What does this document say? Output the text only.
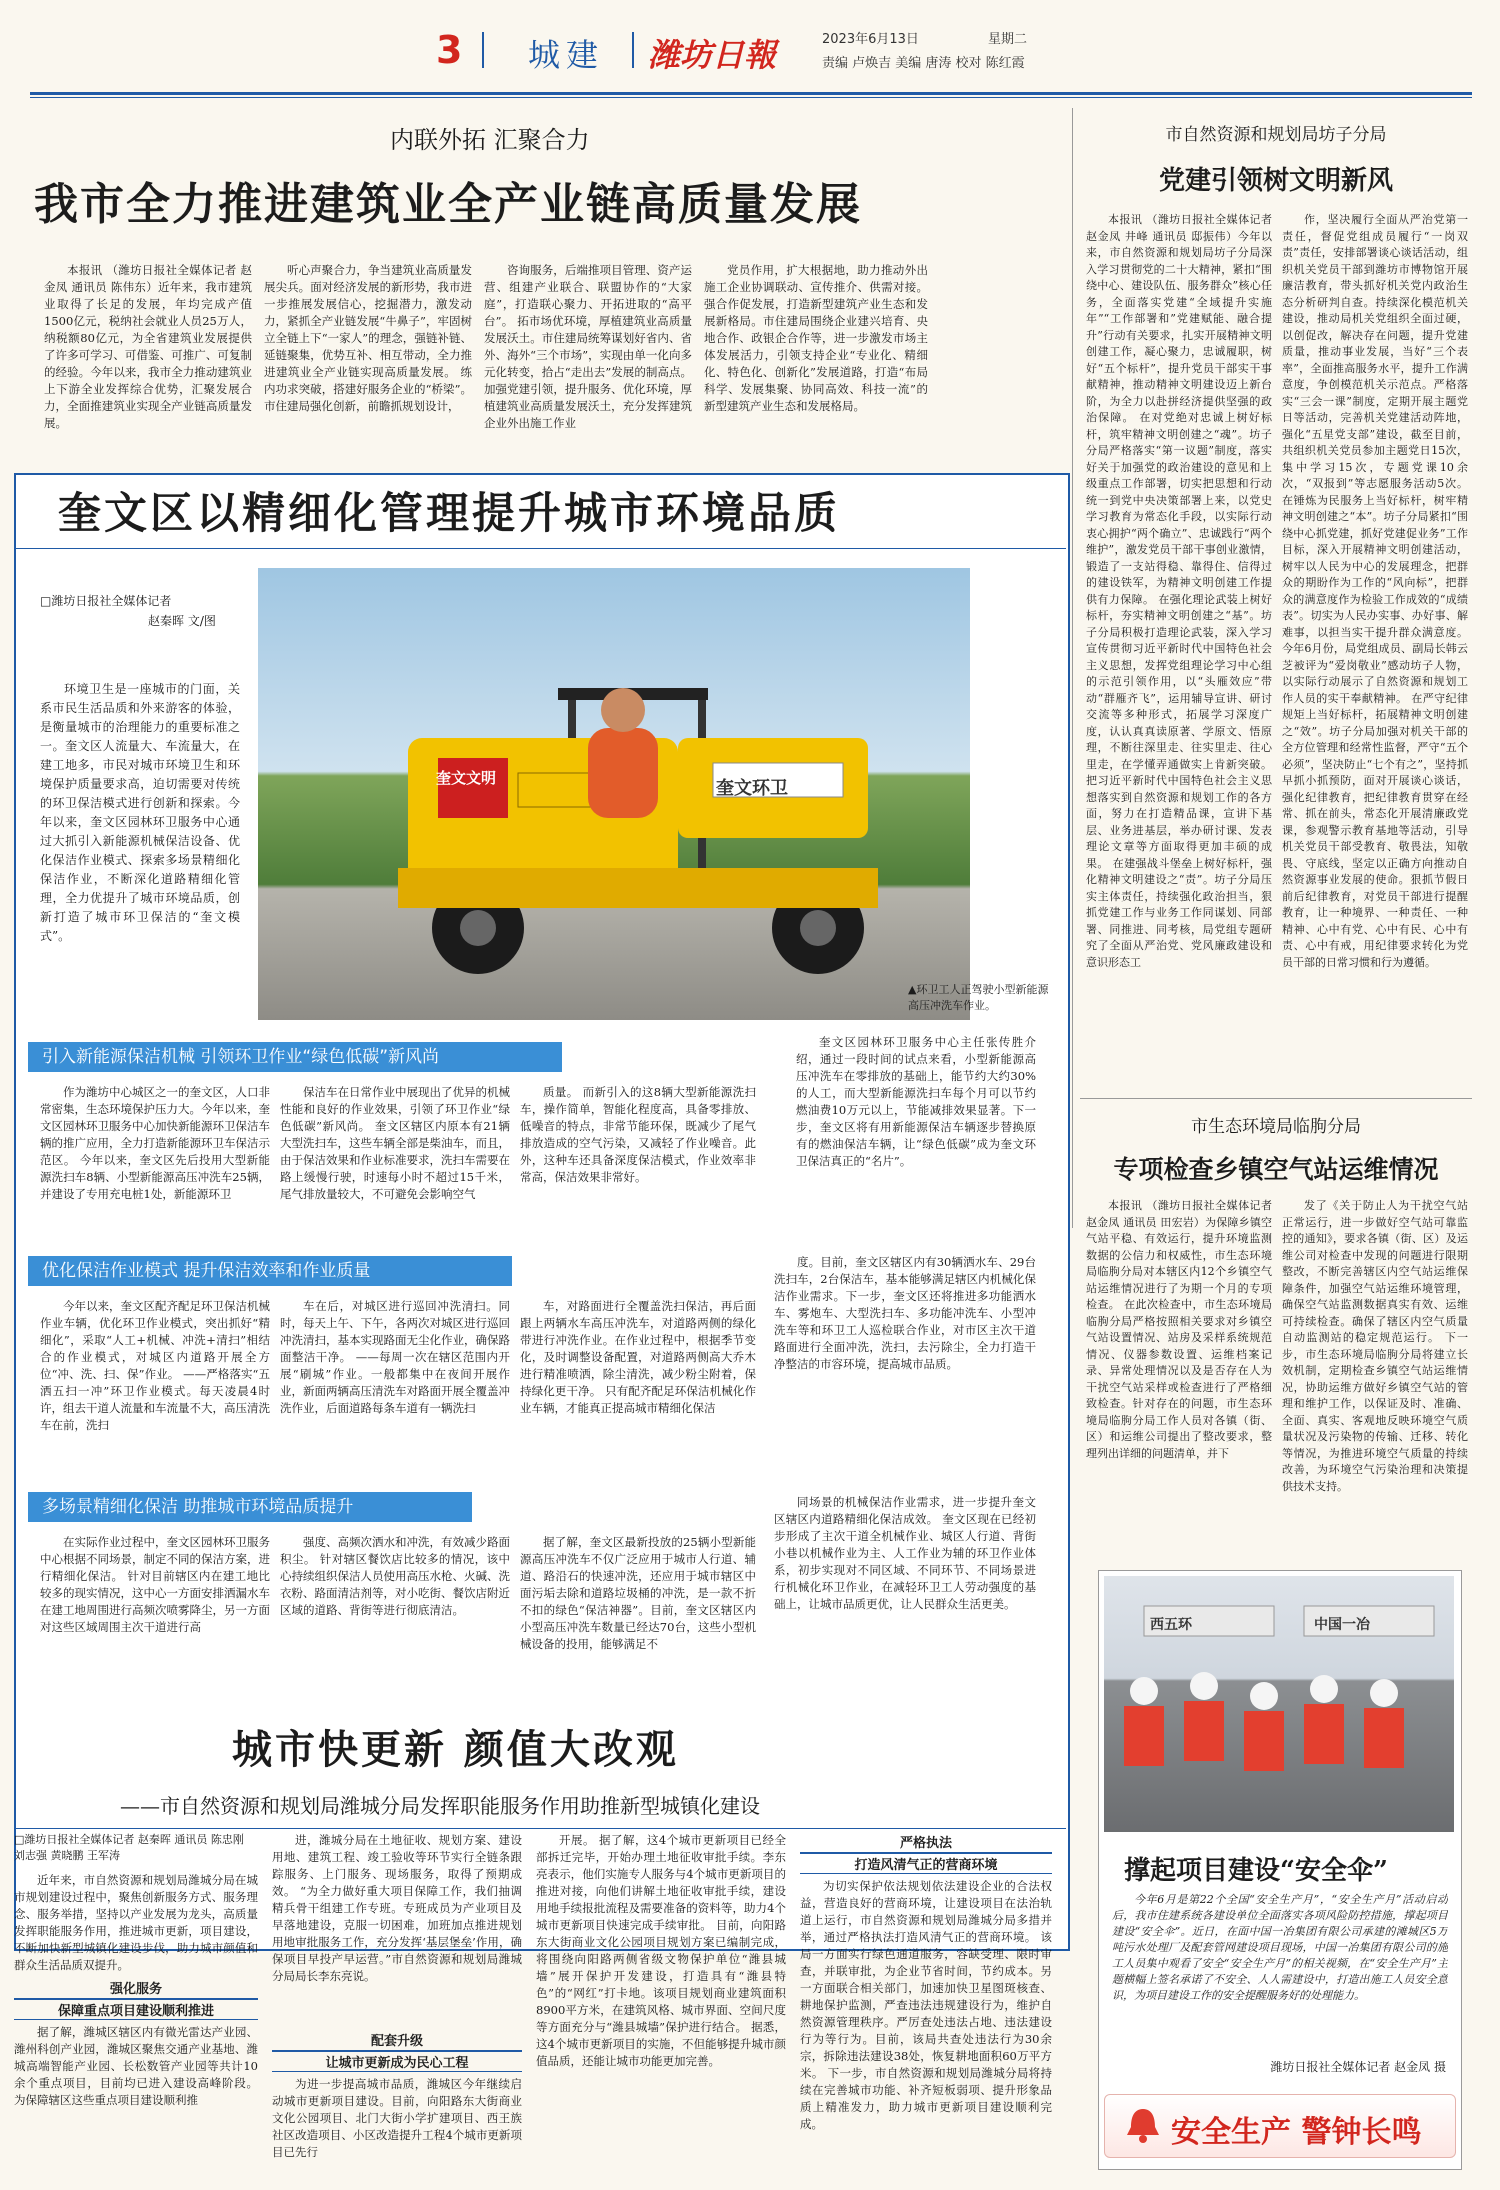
3 城建 潍坊日報	2023年6月13日	星期二
责编 卢焕吉 美编 唐涛 校对 陈红霞
内联外拓 汇聚合力
我市全力推进建筑业全产业链高质量发展

本报讯 （潍坊日报社全媒体记者 赵金凤 通讯员 陈伟东）近年来，我市建筑业取得了长足的发展，年均完成产值1500亿元，税纳社会就业人员25万人，纳税额80亿元，为全省建筑业发展提供了许多可学习、可借鉴、可推广、可复制的经验。今年以来，我市全力推动建筑业上下游全业发挥综合优势，汇聚发展合力，全面推建筑业实现全产业链高质量发展。

听心声聚合力，争当建筑业高质量发展尖兵。面对经济发展的新形势，我市进一步推展发展信心，挖掘潜力，激发动力，紧抓全产业链发展“牛鼻子”，牢固树立全链上下“一家人”的理念，强链补链、延链聚集，优势互补、相互带动，全力推进建筑业全产业链实现高质量发展。 练内功求突破，搭建好服务企业的“桥梁”。市住建局强化创新，前瞻抓规划设计，

咨询服务，后端推项目管理、资产运营、组建产业联合、联盟协作的“大家庭”，打造联心聚力、开拓进取的“高平台”。 拓市场优环境，厚植建筑业高质量发展沃土。市住建局统筹谋划好省内、省外、海外“三个市场”，实现由单一化向多元化转变，拾占“走出去”发展的制高点。加强党建引领，提升服务、优化环境，厚植建筑业高质量发展沃土，充分发挥建筑企业外出施工作业

党员作用，扩大根据地，助力推动外出施工企业协调联动、宣传推介、供需对接。 强合作促发展，打造新型建筑产业生态和发展新格局。市住建局围绕企业建兴培育、央地合作、政银企合作等，进一步激发市场主体发展活力，引领支持企业“专业化、精细化、特色化、创新化”发展道路，打造“布局科学、发展集聚、协同高效、科技一流”的新型建筑产业生态和发展格局。

奎文区以精细化管理提升城市环境品质
□潍坊日报社全媒体记者
赵秦晖 文/图

环境卫生是一座城市的门面，关系市民生活品质和外来游客的体验，是衡量城市的治理能力的重要标准之一。奎文区人流量大、车流量大，在建工地多，市民对城市环境卫生和环境保护质量要求高，迫切需要对传统的环卫保洁模式进行创新和探索。今年以来，奎文区园林环卫服务中心通过大抓引入新能源机械保洁设备、优化保洁作业模式、探索多场景精细化保洁作业，不断深化道路精细化管理，全力优提升了城市环境品质，创新打造了城市环卫保洁的“奎文模式”。

奎文文明	奎文环卫
▲环卫工人正驾驶小型新能源高压冲洗车作业。
引入新能源保洁机械 引领环卫作业“绿色低碳”新风尚

作为潍坊中心城区之一的奎文区，人口非常密集，生态环境保护压力大。今年以来，奎文区园林环卫服务中心加快新能源环卫保洁车辆的推广应用，全力打造新能源环卫车保洁示范区。 今年以来，奎文区先后投用大型新能源洗扫车8辆、小型新能源高压冲洗车25辆，并建设了专用充电桩1处，新能源环卫

保洁车在日常作业中展现出了优异的机械性能和良好的作业效果，引领了环卫作业“绿色低碳”新风尚。 奎文区辖区内原本有21辆大型洗扫车，这些车辆全部是柴油车，而且，由于保洁效果和作业标准要求，洗扫车需要在路上缓慢行驶，时速每小时不超过15千米，尾气排放量较大，不可避免会影响空气

质量。 而新引入的这8辆大型新能源洗扫车，操作简单，智能化程度高，具备零排放、低噪音的特点，非常节能环保，既减少了尾气排放造成的空气污染，又减轻了作业噪音。此外，这种车还具备深度保洁模式，作业效率非常高，保洁效果非常好。

奎文区园林环卫服务中心主任张传胜介绍，通过一段时间的试点来看，小型新能源高压冲洗车在零排放的基础上，能节约大约30%的人工，而大型新能源洗扫车每个月可以节约燃油费10万元以上，节能减排效果显著。下一步，奎文区将有用新能源保洁车辆逐步替换原有的燃油保洁车辆，让“绿色低碳”成为奎文环卫保洁真正的“名片”。

优化保洁作业模式 提升保洁效率和作业质量

今年以来，奎文区配齐配足环卫保洁机械作业车辆，优化环卫作业模式，突出抓好“精细化”，采取“人工+机械、冲洗+清扫”相结合的作业模式，对城区内道路开展全方位“冲、洗、扫、保”作业。 ——严格落实“五洒五扫一冲”环卫作业模式。每天凌晨4时许，组去干道人流量和车流量不大，高压清洗车在前，洗扫

车在后，对城区进行巡回冲洗清扫。同时，每天上午、下午，各两次对城区进行巡回冲洗清扫，基本实现路面无尘化作业，确保路面整洁干净。 ——每周一次在辖区范围内开展“刷城”作业。一般都集中在夜间开展作业，新面两辆高压清洗车对路面开展全覆盖冲洗作业，后面道路每条车道有一辆洗扫

车，对路面进行全覆盖洗扫保洁，再后面跟上两辆水车高压冲洗车，对道路两侧的绿化带进行冲洗作业。在作业过程中，根据季节变化，及时调整设备配置，对道路两侧高大乔木进行精准喷洒，除尘清洗，减少粉尘附着，保持绿化更干净。 只有配齐配足环保洁机械化作业车辆，才能真正提高城市精细化保洁

度。目前，奎文区辖区内有30辆洒水车、29台洗扫车，2台保洁车，基本能够满足辖区内机械化保洁作业需求。下一步，奎文区还将推进多功能洒水车、雾炮车、大型洗扫车、多功能冲洗车、小型冲洗车等和环卫工人巡检联合作业，对市区主次干道路面进行全面冲洗，洗扫，去污除尘，全力打造干净整洁的市容环境，提高城市品质。

多场景精细化保洁 助推城市环境品质提升

在实际作业过程中，奎文区园林环卫服务中心根据不同场景，制定不同的保洁方案，进行精细化保洁。 针对目前辖区内在建工地比较多的现实情况，这中心一方面安排洒漏水车在建工地周围进行高频次喷雾降尘，另一方面对这些区域周围主次干道进行高

强度、高频次洒水和冲洗，有效减少路面积尘。 针对辖区餐饮店比较多的情况，该中心持续组织保洁人员使用高压水枪、火碱、洗衣粉、路面清洁剂等，对小吃街、餐饮店附近区域的道路、背街等进行彻底清洁。

据了解，奎文区最新投放的25辆小型新能源高压冲洗车不仅广泛应用于城市人行道、辅道、路沿石的快速冲洗，还应用于城市辖区中面污垢去除和道路垃圾桶的冲洗，是一款不折不扣的绿色“保洁神器”。目前，奎文区辖区内小型高压冲洗车数量已经达70台，这些小型机械设备的投用，能够满足不

同场景的机械保洁作业需求，进一步提升奎文区辖区内道路精细化保洁成效。 奎文区现在已经初步形成了主次干道全机械作业、城区人行道、背街小巷以机械作业为主、人工作业为辅的环卫作业体系，初步实现对不同区域、不同环节、不同场景进行机械化环卫作业，在减轻环卫工人劳动强度的基础上，让城市品质更优，让人民群众生活更美。

城市快更新 颜值大改观
——市自然资源和规划局潍城分局发挥职能服务作用助推新型城镇化建设
□潍坊日报社全媒体记者 赵秦晖 通讯员 陈忠刚 刘志强 黄晓鹏 王军涛

近年来，市自然资源和规划局潍城分局在城市规划建设过程中，聚焦创新服务方式、服务理念、服务举措，坚持以产业发展为龙头，高质量发挥职能服务作用，推进城市更新，项目建设，不断加快新型城镇化建设步伐，助力城市颜值和群众生活品质双提升。

强化服务
保障重点项目建设顺利推进

据了解，潍城区辖区内有微光雷达产业园、潍州科创产业园，潍城区聚焦交通产业基地、潍城高端智能产业园、长松数管产业园等共计10余个重点项目，目前均已进入建设高峰阶段。 为保障辖区这些重点项目建设顺利推

进，潍城分局在土地征收、规划方案、建设用地、建筑工程、竣工验收等环节实行全链条跟踪服务、上门服务、现场服务，取得了预期成效。 “为全力做好重大项目保障工作，我们抽调精兵骨干组建工作专班。专班成员为产业项目及早落地建设，克服一切困难，加班加点推进规划用地审批服务工作，充分发挥‘基层堡垒’作用，确保项目早投产早运营。”市自然资源和规划局潍城分局局长李东亮说。

配套升级
让城市更新成为民心工程

为进一步提高城市品质，潍城区今年继续启动城市更新项目建设。目前，向阳路东大街商业文化公园项目、北门大街小学扩建项目、西王族社区改造项目、小区改造提升工程4个城市更新项目已先行

开展。 据了解，这4个城市更新项目已经全部拆迁完毕，开始办理土地征收审批手续。李东亮表示，他们实施专人服务与4个城市更新项目的推进对接，向他们讲解土地征收审批手续，建设用地手续报批流程及需要准备的资料等，助力4个城市更新项目快速完成手续审批。 目前，向阳路东大街商业文化公园项目规划方案已编制完成，将围绕向阳路两侧省级文物保护单位“潍县城墙”展开保护开发建设，打造具有“潍县特色”的“网红”打卡地。该项目规划商业建筑面积8900平方米，在建筑风格、城市界面、空间尺度等方面充分与“潍县城墙”保护进行结合。 据悉，这4个城市更新项目的实施，不但能够提升城市颜值品质，还能让城市功能更加完善。

严格执法
打造风清气正的营商环境

为切实保护依法规划依法建设企业的合法权益，营造良好的营商环境，让建设项目在法治轨道上运行，市自然资源和规划局潍城分局多措并举，通过严格执法打造风清气正的营商环境。 该局一方面实行绿色通道服务，容缺受理、限时审查，并联审批，为企业节省时间，节约成本。另一方面联合相关部门，加速加快卫星图斑核查、耕地保护监测，严查违法违规建设行为，维护自然资源管理秩序。严厉查处违法占地、违法建设行为等行为。目前，该局共查处违法行为30余宗，拆除违法建设38处，恢复耕地面积60万平方米。 下一步，市自然资源和规划局潍城分局将持续在完善城市功能、补齐短板弱项、提升形象品质上精准发力，助力城市更新项目建设顺利完成。

市自然资源和规划局坊子分局
党建引领树文明新风

本报讯 （潍坊日报社全媒体记者 赵金凤 井峰 通讯员 邸振伟）今年以来，市自然资源和规划局坊子分局深入学习贯彻党的二十大精神，紧扣“围绕中心、建设队伍、服务群众”核心任务，全面落实党建“全域提升实施年”“工作部署和”党建赋能、融合提升”行动有关要求，扎实开展精神文明创建工作，凝心聚力，忠诚履职，树好“五个标杆”，提升党员干部实干事献精神，推动精神文明建设迈上新台阶，为全力以赴拼经济提供坚强的政治保障。 在对党绝对忠诚上树好标杆，筑牢精神文明创建之“魂”。坊子分局严格落实“第一议题”制度，落实好关于加强党的政治建设的意见和上级重点工作部署，切实把思想和行动统一到党中央决策部署上来，以党史学习教育为常态化手段，以实际行动衷心拥护“两个确立”、忠诚践行“两个维护”，激发党员干部干事创业激情，锻造了一支站得稳、靠得住、信得过的建设铁军，为精神文明创建工作提供有力保障。 在强化理论武装上树好标杆，夯实精神文明创建之“基”。坊子分局积极打造理论武装，深入学习宣传贯彻习近平新时代中国特色社会主义思想，发挥党组理论学习中心组的示范引领作用，以“头雁效应”带动“群雁齐飞”，运用辅导宣讲、研讨交流等多种形式，拓展学习深度广度，认认真真读原著、学原文、悟原理，不断往深里走、往实里走、往心里走，在学懂弄通做实上肯新突破。把习近平新时代中国特色社会主义思想落实到自然资源和规划工作的各方面，努力在打造精品课，宣讲下基层、业务进基层，举办研讨课、发表理论文章等方面取得更加丰硕的成果。 在建强战斗堡垒上树好标杆，强化精神文明建设之“责”。坊子分局压实主体责任，持续强化政治担当，狠抓党建工作与业务工作同谋划、同部署、同推进、同考核，局党组专题研究了全面从严治党、党风廉政建设和意识形态工

作，坚决履行全面从严治党第一责任，督促党组成员履行“一岗双责”责任，安排部署谈心谈话活动，组织机关党员干部到潍坊市博物馆开展廉洁教育，带头抓好机关党内政治生态分析研判自查。持续深化模范机关建设，推动局机关党组织全面过硬，以创促改，解决存在问题，提升党建质量，推动事业发展，当好“三个表率”，全面推高服务水平，提升工作满意度，争创模范机关示范点。严格落实“三会一课”制度，定期开展主题党日等活动，完善机关党建活动阵地，强化“五星党支部”建设，截至目前，共组织机关党员参加主题党日15次，集中学习15次，专题党课10余次，“双报到”等志愿服务活动5次。 在锤炼为民服务上当好标杆，树牢精神文明创建之“本”。坊子分局紧扣“围绕中心抓党建，抓好党建促业务”工作目标，深入开展精神文明创建活动，树牢以人民为中心的发展理念，把群众的期盼作为工作的“风向标”，把群众的满意度作为检验工作成效的“成绩表”。切实为人民办实事、办好事、解难事，以担当实干提升群众满意度。今年6月份，局党组成员、副局长韩云芝被评为“爱岗敬业”感动坊子人物，以实际行动展示了自然资源和规划工作人员的实干奉献精神。 在严守纪律规矩上当好标杆，拓展精神文明创建之“效”。坊子分局加强对机关干部的全方位管理和经常性监督，严守“五个必须”，坚决防止“七个有之”，坚持抓早抓小抓预防，面对开展谈心谈话，强化纪律教育，把纪律教育贯穿在经常、抓在前头，常态化开展清廉政党课，参观警示教育基地等活动，引导机关党员干部受教育、敬畏法，知敬畏、守底线，坚定以正确方向推动自然资源事业发展的使命。狠抓节假日前后纪律教育，对党员干部进行提醒教育，让一种境界、一种责任、一种精神、心中有党、心中有民、心中有责、心中有戒，用纪律要求转化为党员干部的日常习惯和行为遵循。

市生态环境局临朐分局
专项检查乡镇空气站运维情况

本报讯 （潍坊日报社全媒体记者 赵金凤 通讯员 田宏岩）为保障乡镇空气站平稳、有效运行，提升环境监测数据的公信力和权威性，市生态环境局临朐分局对本辖区内12个乡镇空气站运维情况进行了为期一个月的专项检查。 在此次检查中，市生态环境局临朐分局严格按照相关要求对乡镇空气站设置情况、站房及采样系统规范情况、仪器参数设置、运维档案记录、异常处理情况以及是否存在人为干扰空气站采样或检查进行了严格细致检查。针对存在的问题，市生态环境局临朐分局工作人员对各镇（街、区）和运维公司提出了整改要求，整理列出详细的问题清单，并下

发了《关于防止人为干扰空气站正常运行，进一步做好空气站可靠监控的通知》，要求各镇（街、区）及运维公司对检查中发现的问题进行限期整改，不断完善辖区内空气站运维保障条件，加强空气站运维环境管理，确保空气站监测数据真实有效、运维可持续检查。确保了辖区内空气质量自动监测站的稳定规范运行。 下一步，市生态环境局临朐分局将建立长效机制，定期检查乡镇空气站运维情况，协助运维方做好乡镇空气站的管理和维护工作，以保证及时、准确、全面、真实、客观地反映环境空气质量状况及污染物的传输、迁移、转化等情况，为推进环境空气质量的持续改善，为环境空气污染治理和决策提供技术支持。

西五环	中国一冶
撑起项目建设“安全伞”

今年6月是第22个全国“安全生产月”，“安全生产月”活动启动后，我市住建系统各建设单位全面落实各项风险防控措施，撑起项目建设“安全伞”。近日，在面中国一冶集团有限公司承建的滩城区5万吨污水处理厂及配套管网建设项目现场，中国一冶集团有限公司的施工人员集中观看了安全“安全生产月”的相关视频，在“安全生产月”主题横幅上签名承诺了不安全、人人需建设中，打造出施工人员安全意识，为项目建设工作的安全提醒服务好的处理能力。

潍坊日报社全媒体记者 赵金凤 摄
安全生产 警钟长鸣
